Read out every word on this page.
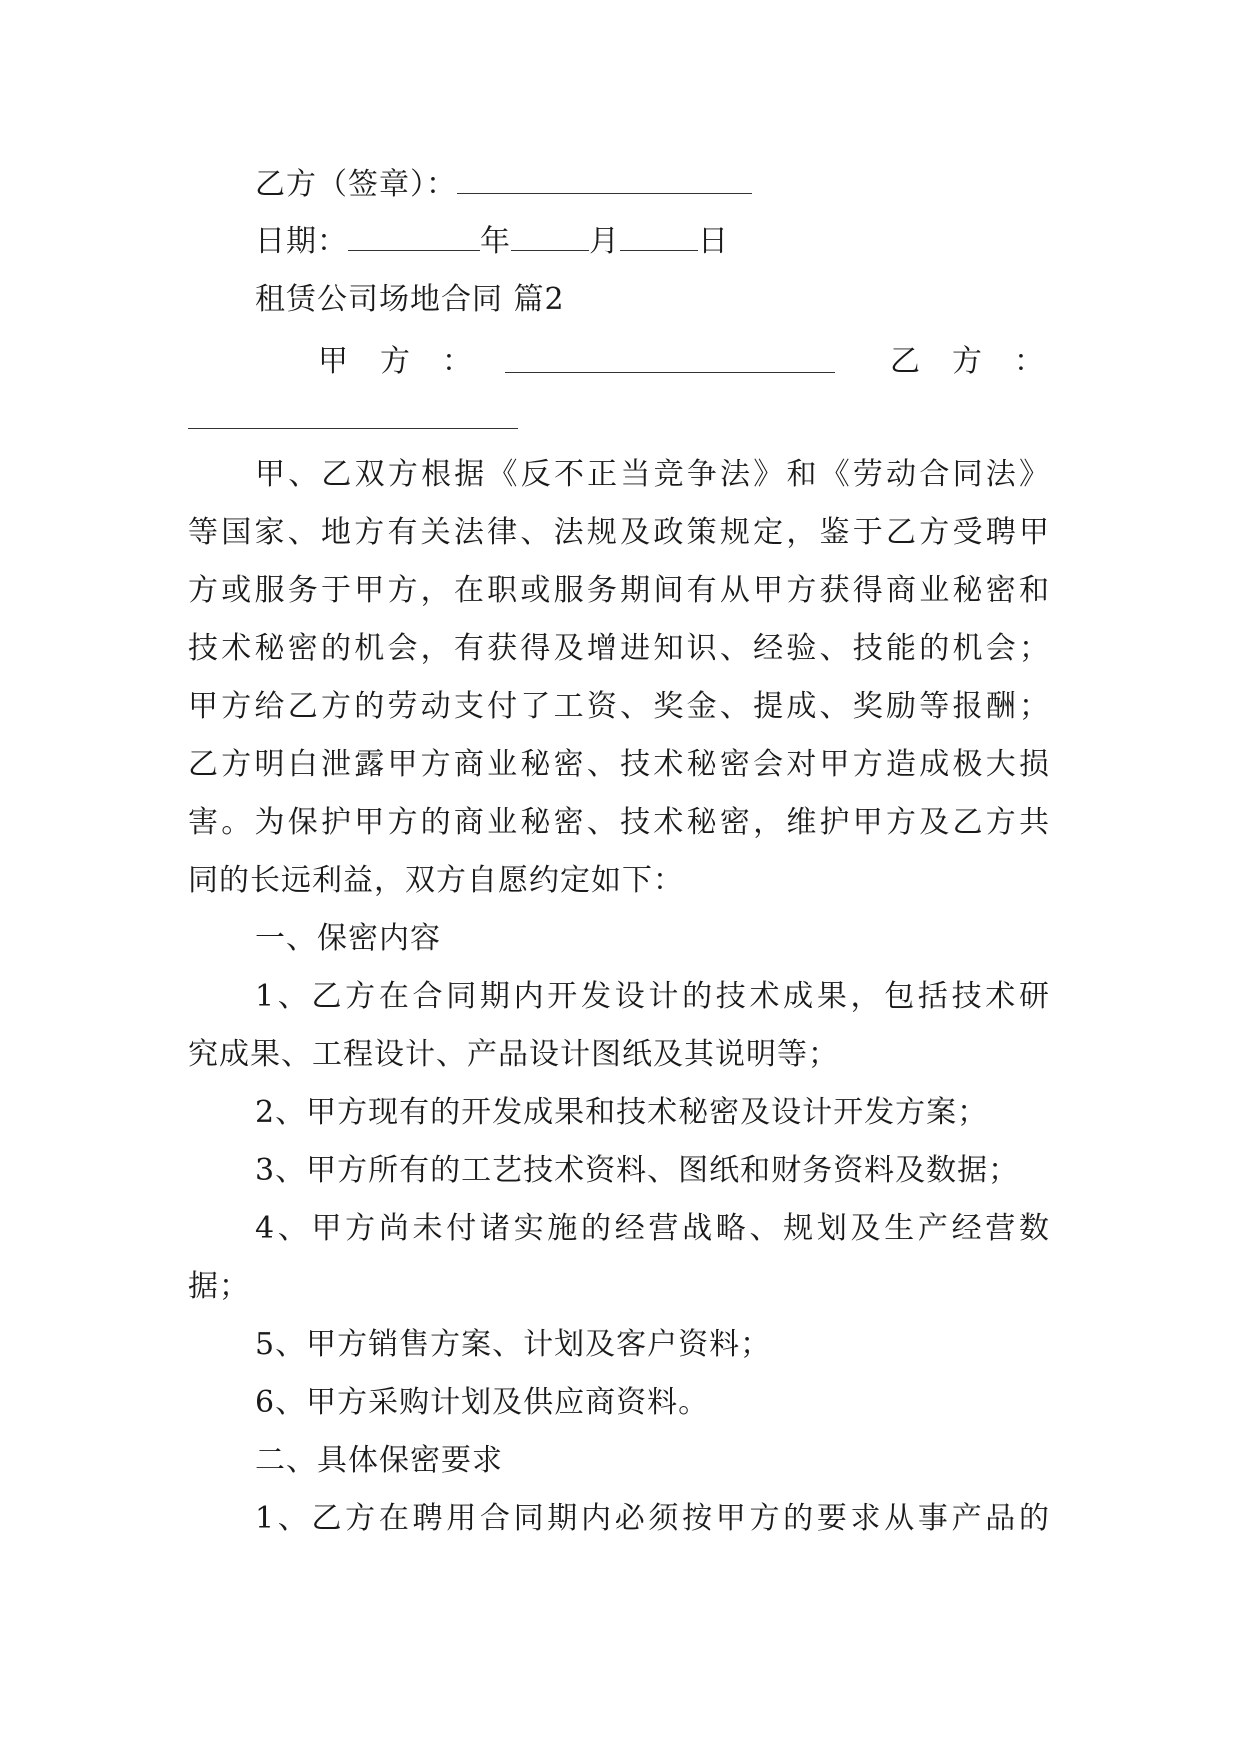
乙方（签章）：
日期：	年	月	日
租赁公司场地合同 篇2
甲　方　：	乙　方　：
甲、乙双方根据《反不正当竞争法》和《劳动合同法》
等国家、地方有关法律、法规及政策规定，鉴于乙方受聘甲
方或服务于甲方，在职或服务期间有从甲方获得商业秘密和
技术秘密的机会，有获得及增进知识、经验、技能的机会；
甲方给乙方的劳动支付了工资、奖金、提成、奖励等报酬；
乙方明白泄露甲方商业秘密、技术秘密会对甲方造成极大损
害。为保护甲方的商业秘密、技术秘密，维护甲方及乙方共
同的长远利益，双方自愿约定如下：
一、保密内容
1、乙方在合同期内开发设计的技术成果，包括技术研
究成果、工程设计、产品设计图纸及其说明等；
2、甲方现有的开发成果和技术秘密及设计开发方案；
3、甲方所有的工艺技术资料、图纸和财务资料及数据；
4、甲方尚未付诸实施的经营战略、规划及生产经营数
据；
5、甲方销售方案、计划及客户资料；
6、甲方采购计划及供应商资料。
二、具体保密要求
1、乙方在聘用合同期内必须按甲方的要求从事产品的
